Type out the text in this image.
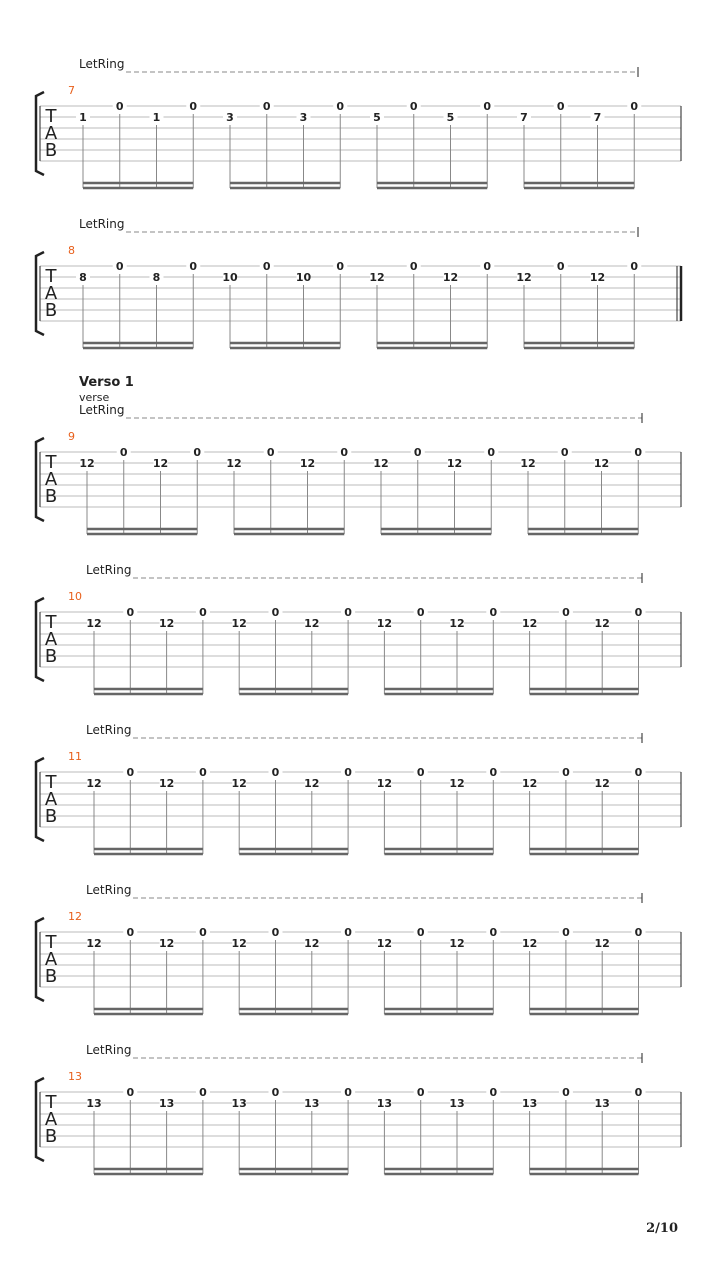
LetRing
7
T
A
B
1
0
1
0
3
0
3
0
5
0
5
0
7
0
7
0
LetRing
8
T
A
B
8
0
8
0
10
0
10
0
12
0
12
0
12
0
12
0
Verso 1
verse
LetRing
9
T
A
B
12
0
12
0
12
0
12
0
12
0
12
0
12
0
12
0
LetRing
10
T
A
B
12
0
12
0
12
0
12
0
12
0
12
0
12
0
12
0
LetRing
11
T
A
B
12
0
12
0
12
0
12
0
12
0
12
0
12
0
12
0
LetRing
12
T
A
B
12
0
12
0
12
0
12
0
12
0
12
0
12
0
12
0
LetRing
13
T
A
B
13
0
13
0
13
0
13
0
13
0
13
0
13
0
13
0
2/10
